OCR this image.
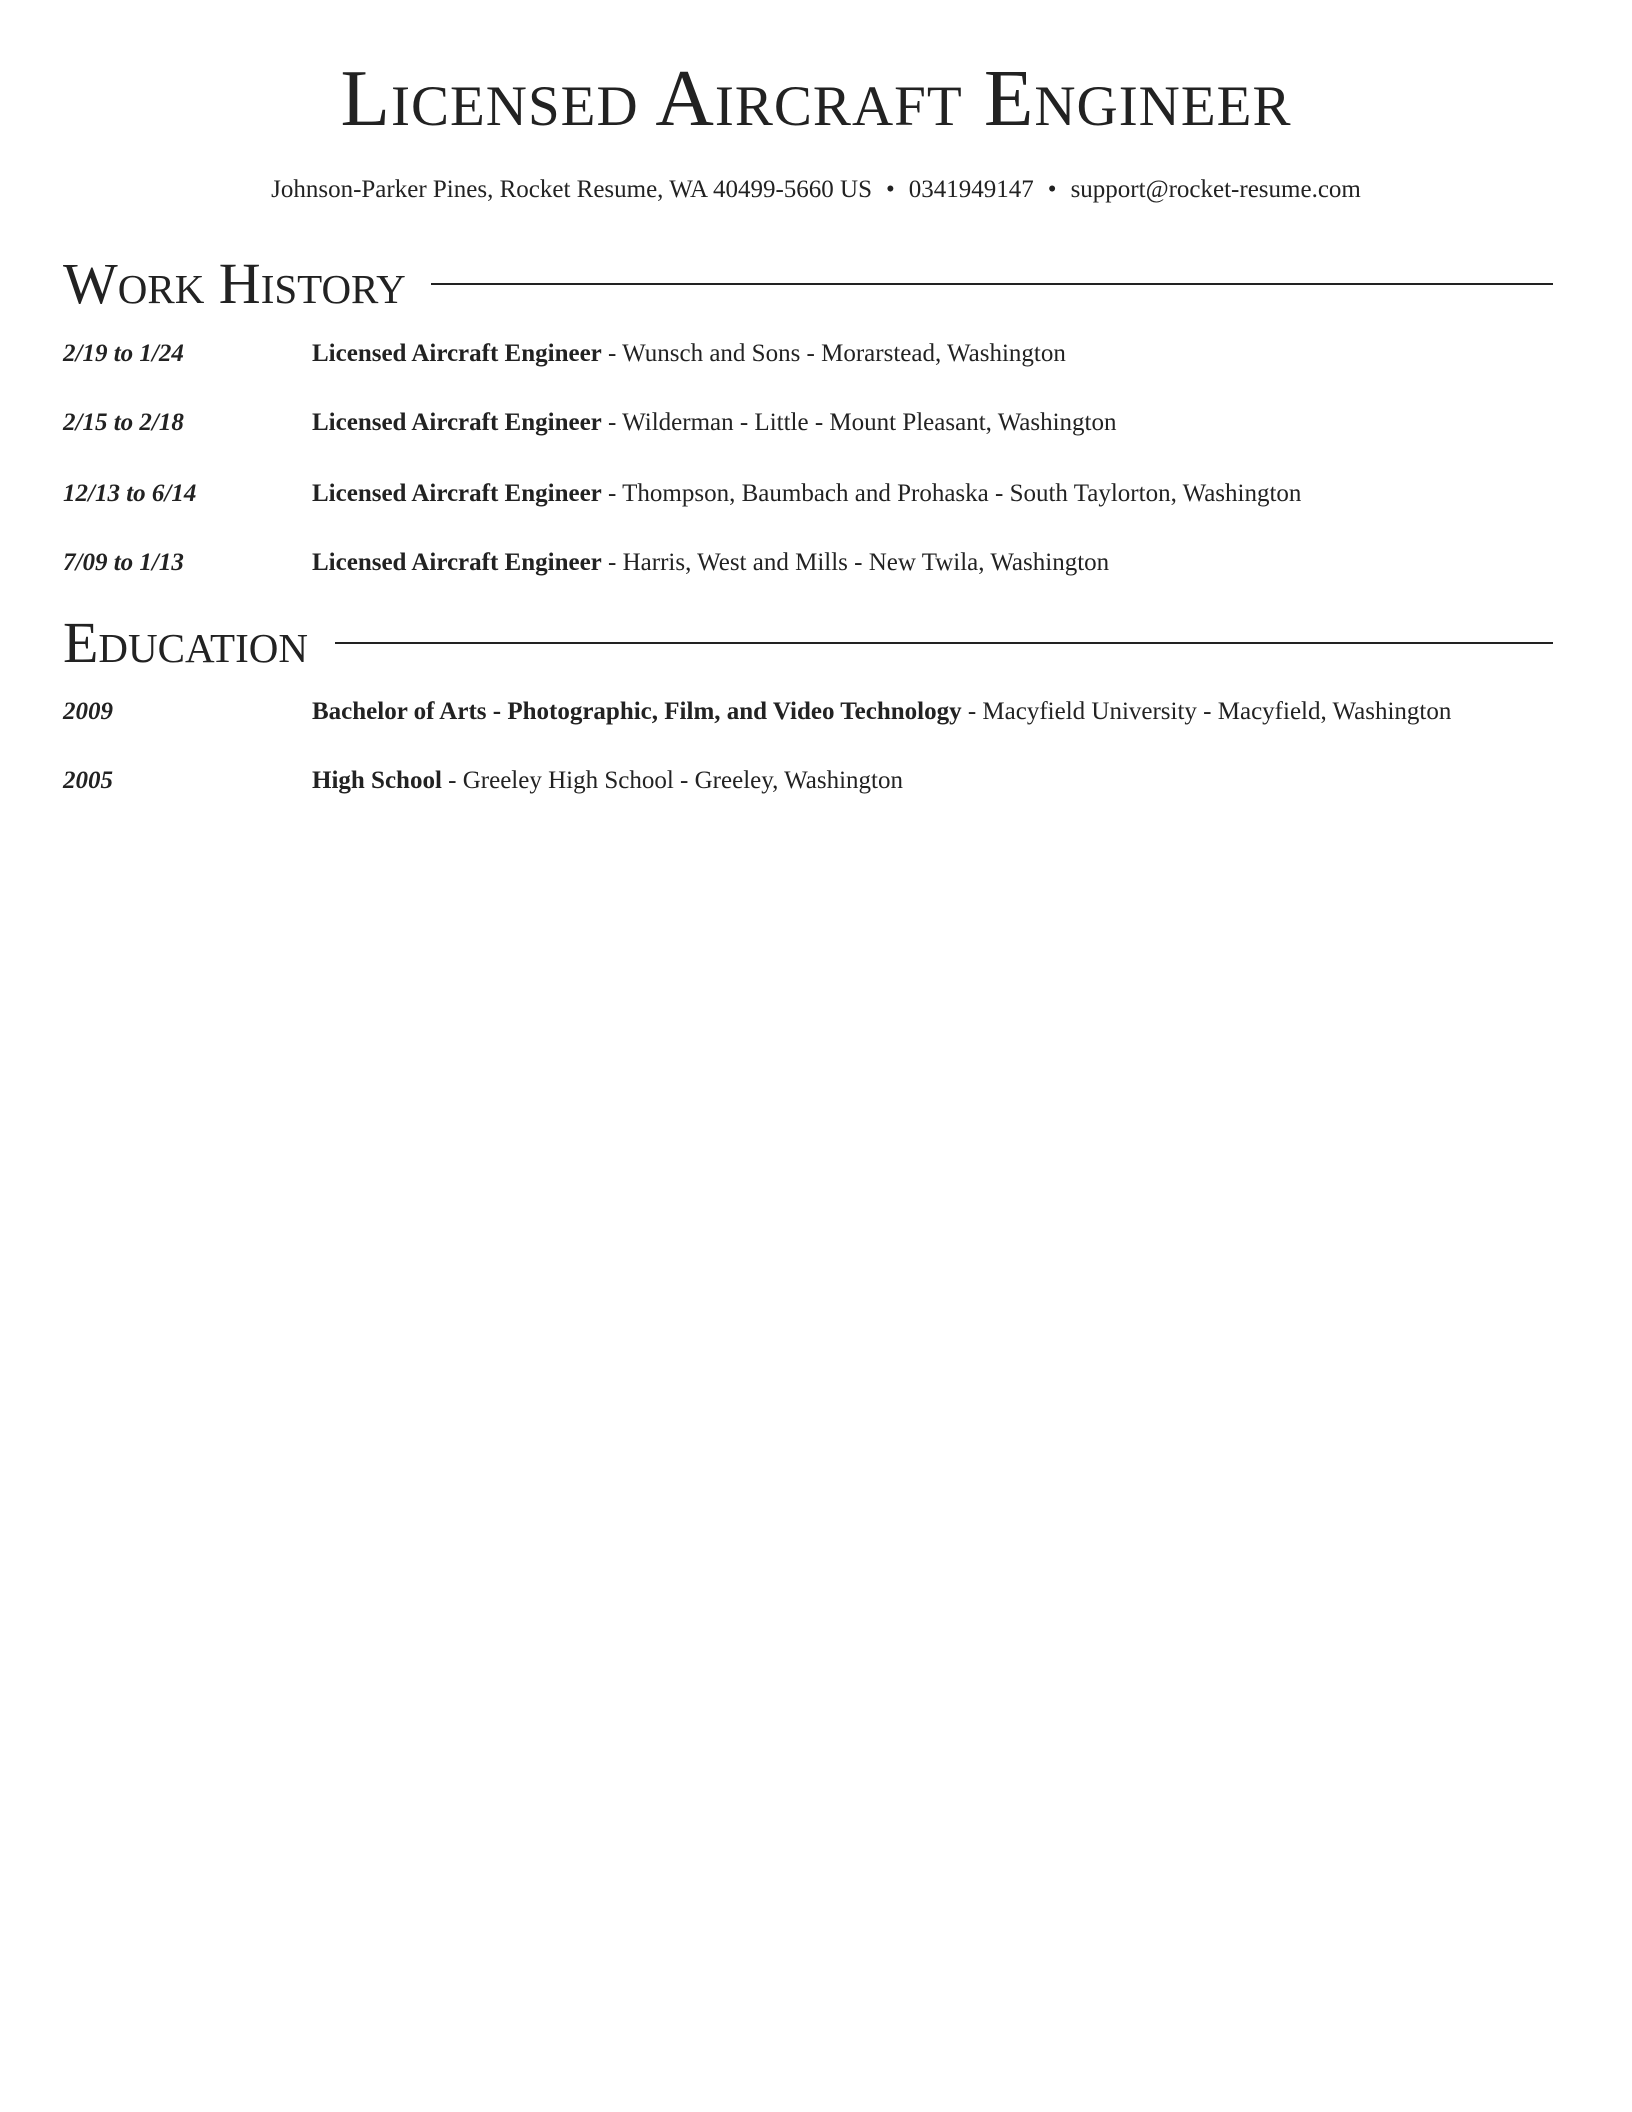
Licensed Aircraft Engineer
Johnson-Parker Pines, Rocket Resume, WA 40499-5660 US • 0341949147 • support@rocket-resume.com
Work History
2/19 to 1/24	Licensed Aircraft Engineer - Wunsch and Sons - Morarstead, Washington
2/15 to 2/18	Licensed Aircraft Engineer - Wilderman - Little - Mount Pleasant, Washington
12/13 to 6/14	Licensed Aircraft Engineer - Thompson, Baumbach and Prohaska - South Taylorton, Washington
7/09 to 1/13	Licensed Aircraft Engineer - Harris, West and Mills - New Twila, Washington
Education
2009	Bachelor of Arts - Photographic, Film, and Video Technology - Macyfield University - Macyfield, Washington
2005	High School - Greeley High School - Greeley, Washington
